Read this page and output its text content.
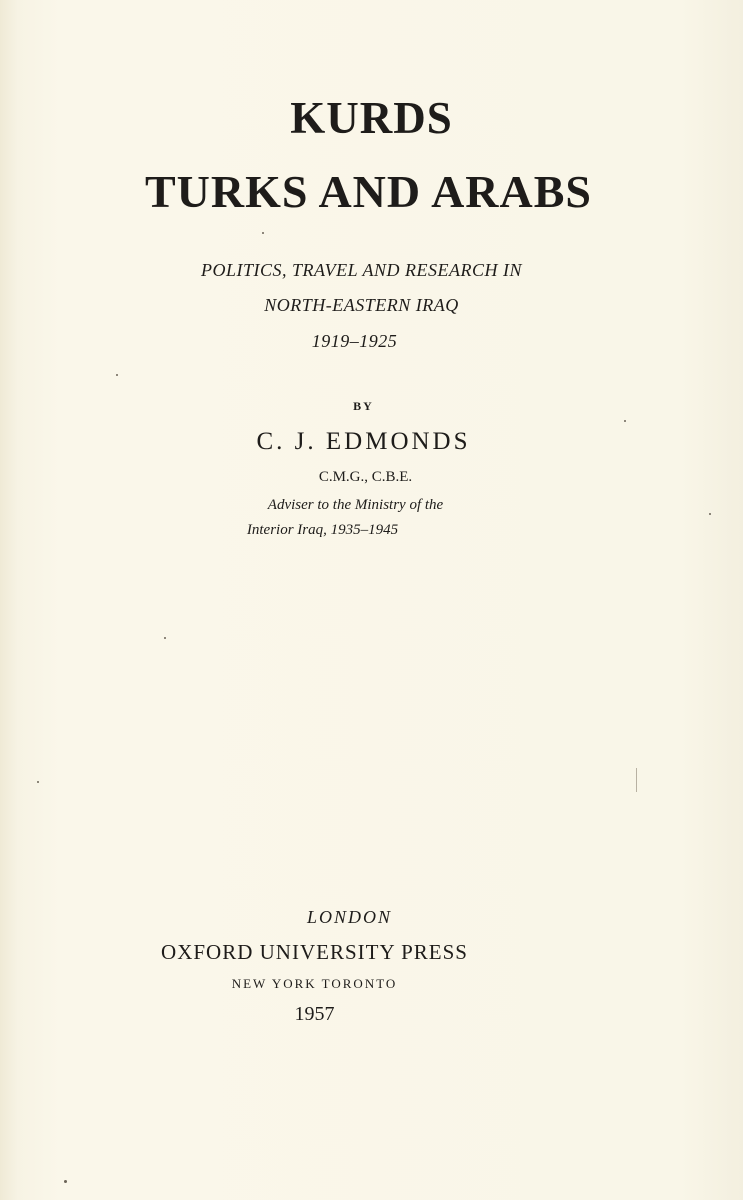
KURDS
TURKS AND ARABS

POLITICS, TRAVEL AND RESEARCH IN

NORTH-EASTERN IRAQ

1919–1925

BY

C. J. EDMONDS

C.M.G., C.B.E.

Adviser to the Ministry of the

Interior Iraq, 1935–1945

LONDON

OXFORD UNIVERSITY PRESS

NEW YORK TORONTO

1957
